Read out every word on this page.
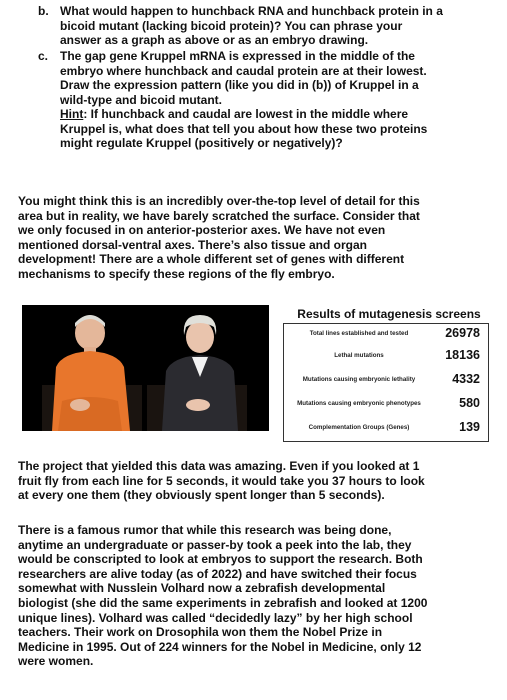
b. What would happen to hunchback RNA and hunchback protein in a
bicoid mutant (lacking bicoid protein)? You can phrase your
answer as a graph as above or as an embryo drawing.
c. The gap gene Kruppel mRNA is expressed in the middle of the
embryo where hunchback and caudal protein are at their lowest.
Draw the expression pattern (like you did in (b)) of Kruppel in a
wild-type and bicoid mutant.
Hint: If hunchback and caudal are lowest in the middle where
Kruppel is, what does that tell you about how these two proteins
might regulate Kruppel (positively or negatively)?
You might think this is an incredibly over-the-top level of detail for this
area but in reality, we have barely scratched the surface. Consider that
we only focused in on anterior-posterior axes. We have not even
mentioned dorsal-ventral axes. There’s also tissue and organ
development! There are a whole different set of genes with different
mechanisms to specify these regions of the fly embryo.
Results of mutagenesis screens
Total lines established and tested	26978
Lethal mutations	18136
Mutations causing embryonic lethality	4332
Mutations causing embryonic phenotypes	580
Complementation Groups (Genes)	139
The project that yielded this data was amazing. Even if you looked at 1
fruit fly from each line for 5 seconds, it would take you 37 hours to look
at every one them (they obviously spent longer than 5 seconds).
There is a famous rumor that while this research was being done,
anytime an undergraduate or passer-by took a peek into the lab, they
would be conscripted to look at embryos to support the research. Both
researchers are alive today (as of 2022) and have switched their focus
somewhat with Nusslein Volhard now a zebrafish developmental
biologist (she did the same experiments in zebrafish and looked at 1200
unique lines). Volhard was called “decidedly lazy” by her high school
teachers. Their work on Drosophila won them the Nobel Prize in
Medicine in 1995. Out of 224 winners for the Nobel in Medicine, only 12
were women.
